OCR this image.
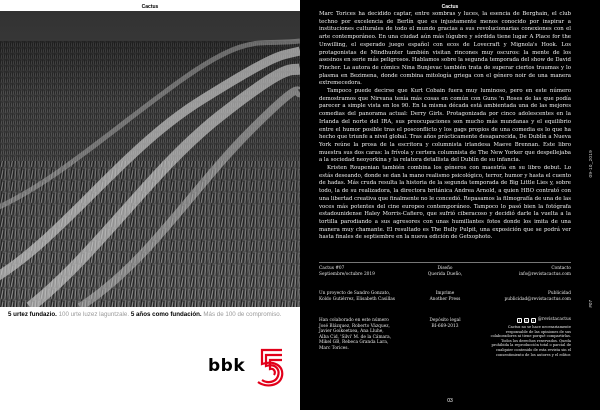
Cactus
5 urtez fundazio. 100 urte luzez laguntzale. 5 años como fundación. Más de 100 de compromiso.
bbk
Cactus

Marc Torices ha decidido captar, entre sombras y luces, la esencia de Berghain, el club techno por excelencia de Berlín que es injustamente menos conocido por inspirar a instituciones culturales de todo el mundo gracias a sus revolucionarias conexiones con el arte contemporáneo. En una ciudad aún más lúgubre y sórdida tiene lugar A Place for the Unwilling, el esperado juego español con ecos de Lovecraft y Mignola's Hook. Los protagonistas de Mindhunter también visitan rincones muy oscuros: la mente de los asesinos en serie más peligrosos. Hablamos sobre la segunda temporada del show de David Fincher. La autora de cómics Nina Bunjevac también trata de superar ciertos traumas y lo plasma en Bezimena, donde combina mitología griega con el género noir de una manera extremecedora.

Tampoco puede decirse que Kurt Cobain fuera muy luminoso, pero en este número demostramos que Nirvana tenía más cosas en común con Guns 'n Roses de las que podía parecer a simple vista en los 90. En la misma década está ambientada una de las mejores comedias del panorama actual: Derry Girls. Protagonizada por cinco adolescentes en la Irlanda del norte del IRA, sus preocupaciones son mucho más mundanas y el equilibrio entre el humor posible tras el posconflicto y los gags propios de una comedia es lo que ha hecho que triunfe a nivel global. Tras años prácticamente desaparecida, De Dublín a Nueva York reúne la prosa de la escritora y columnista irlandesa Maeve Brennan. Este libro muestra sus dos caras: la frívola y certera columnista de The New Yorker que despellejaba a la sociedad neoyorkina y la relatora detallista del Dublín de su infancia.

Kristen Roupenian también combina los géneros con maestría en su libro debut. Lo estás deseando, donde se dan la mano realismo psicológico, terror, humor y hasta el cuento de hadas. Más cruda resulta la historia de la segunda temporada de Big Little Lies y, sobre todo, la de su realizadora, la directora británica Andrea Arnold, a quien HBO contrató con una libertad creativa que finalmente no le concedió. Repasamos la filmografía de una de las voces más potentes del cine europeo contemporáneo. Tampoco lo pasó bien la fotógrafa estadounidense Haley Morris-Cafiero, que sufrió ciberacoso y decidió darle la vuelta a la tortilla parodiando a sus agresores con unas humillantes fotos donde los imita de una manera muy chamante. El resultado es The Bully Pulpit, una exposición que se podrá ver hasta finales de septiembre en la nueva edición de Getxophoto.

Cactus #07
Septiembre/octubre 2019
Diseño
Querida Dueño,
Contacto
info@revistacactus.com
Un proyecto de Sandro Gonzato,
Koldo Gutiérrez, Elisabeth Casillas
Imprime
Another Press
Publicidad
publicidad@revistacactus.com
Han colaborado en este número
José Blázquez, Roberto Vázquez,
Javier Goikoetxea, Ana Lluhe,
Alba Cid, 'Silvi' M. de la Cámara,
Mikel GB, Rebeca Granda Lara,
Marc Torices.
Depósito legal
BI-669-2013
f	◎	t @revistacactus
Cactus no se hace necesariamente responsable de las opiniones de sus colaboradores ni tiene porqué compartirlas. Todos los derechos reservados. Queda prohibida la reproducción total o parcial de cualquier contenido de esta revista sin el consentimiento de los autores y el editor.
09-10_2019
#07
03
